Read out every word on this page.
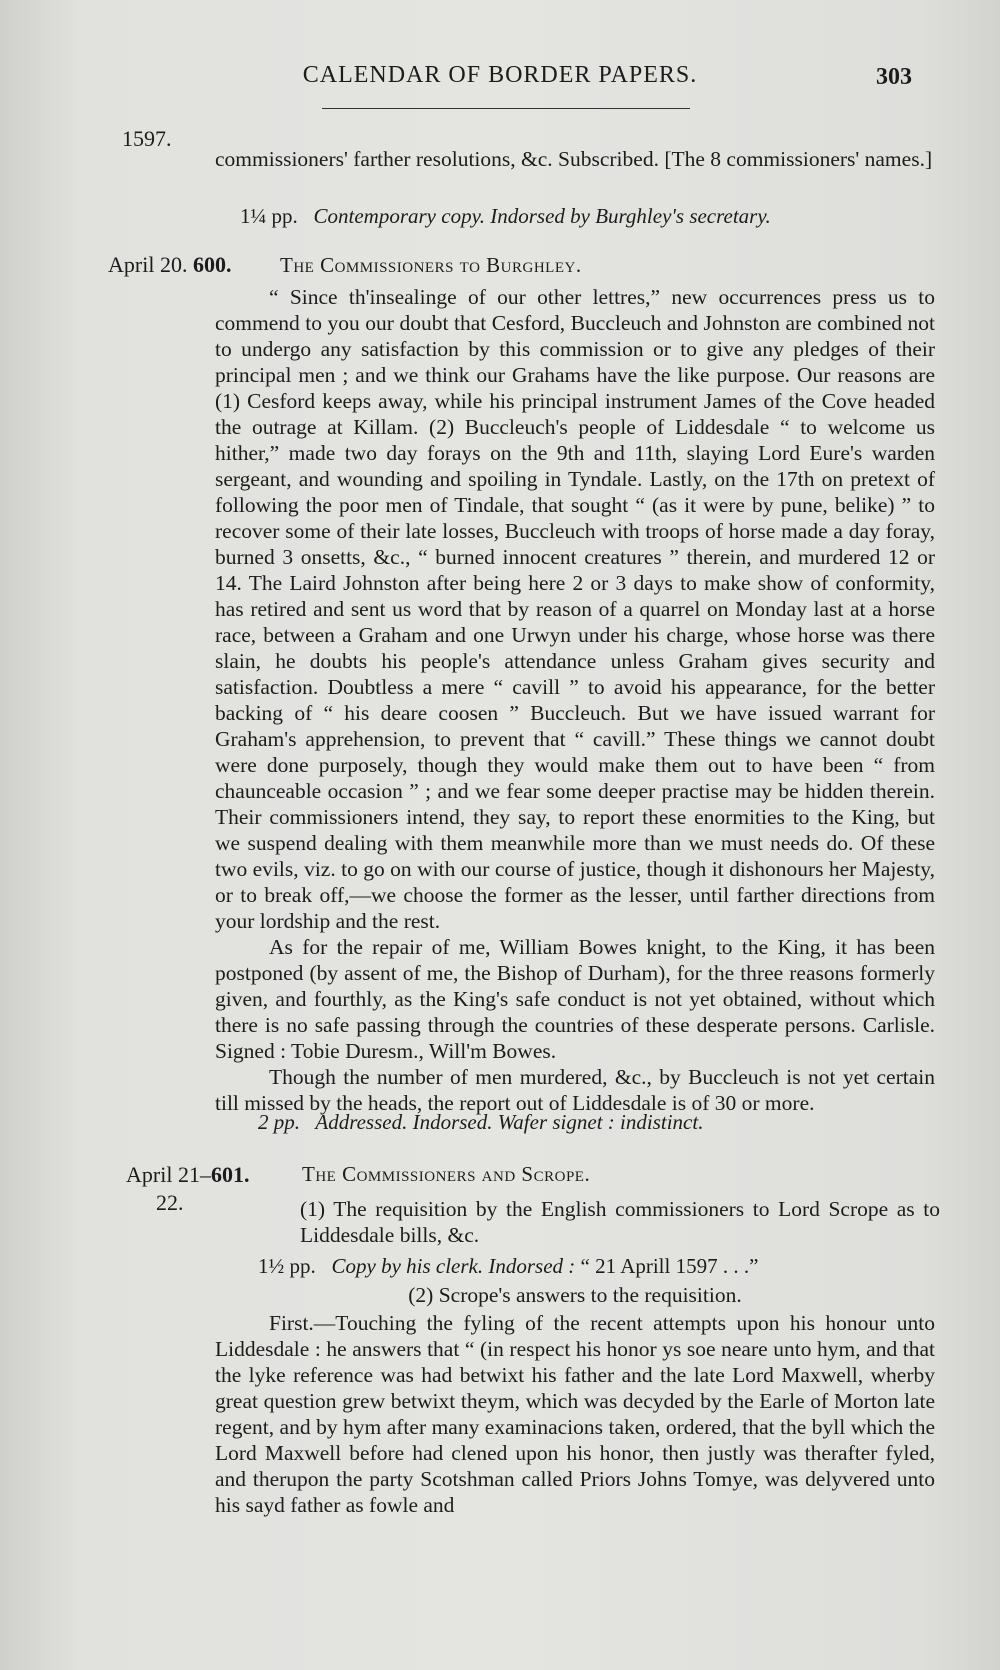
CALENDAR OF BORDER PAPERS.	303
1597.

commissioners' farther resolutions, &c. Subscribed. [The 8 commissioners' names.]

1¼ pp. Contemporary copy. Indorsed by Burghley's secretary.
April 20. 600. The Commissioners to Burghley.

“ Since th'insealinge of our other lettres,” new occurrences press us to commend to you our doubt that Cesford, Buccleuch and Johnston are combined not to undergo any satisfaction by this commission or to give any pledges of their principal men ; and we think our Grahams have the like purpose. Our reasons are (1) Cesford keeps away, while his principal instrument James of the Cove headed the outrage at Killam. (2) Buccleuch's people of Liddesdale “ to welcome us hither,” made two day forays on the 9th and 11th, slaying Lord Eure's warden sergeant, and wounding and spoiling in Tyndale. Lastly, on the 17th on pretext of following the poor men of Tindale, that sought “ (as it were by pune, belike) ” to recover some of their late losses, Buccleuch with troops of horse made a day foray, burned 3 onsetts, &c., “ burned innocent creatures ” therein, and murdered 12 or 14. The Laird Johnston after being here 2 or 3 days to make show of conformity, has retired and sent us word that by reason of a quarrel on Monday last at a horse race, between a Graham and one Urwyn under his charge, whose horse was there slain, he doubts his people's attendance unless Graham gives security and satisfaction. Doubtless a mere “ cavill ” to avoid his appearance, for the better backing of “ his deare coosen ” Buccleuch. But we have issued warrant for Graham's apprehension, to prevent that “ cavill.” These things we cannot doubt were done purposely, though they would make them out to have been “ from chaunceable occasion ” ; and we fear some deeper practise may be hidden therein. Their commissioners intend, they say, to report these enormities to the King, but we suspend dealing with them meanwhile more than we must needs do. Of these two evils, viz. to go on with our course of justice, though it dishonours her Majesty, or to break off,—we choose the former as the lesser, until farther directions from your lordship and the rest.

As for the repair of me, William Bowes knight, to the King, it has been postponed (by assent of me, the Bishop of Durham), for the three reasons formerly given, and fourthly, as the King's safe conduct is not yet obtained, without which there is no safe passing through the countries of these desperate persons. Carlisle. Signed : Tobie Duresm., Will'm Bowes.

Though the number of men murdered, &c., by Buccleuch is not yet certain till missed by the heads, the report out of Liddesdale is of 30 or more.

2 pp. Addressed. Indorsed. Wafer signet : indistinct.
April 21–601.
22.
The Commissioners and Scrope.

(1) The requisition by the English commissioners to Lord Scrope as to Liddesdale bills, &c.

1½ pp. Copy by his clerk. Indorsed : “ 21 Aprill 1597 . . .”
(2) Scrope's answers to the requisition.

First.—Touching the fyling of the recent attempts upon his honour unto Liddesdale : he answers that “ (in respect his honor ys soe neare unto hym, and that the lyke reference was had betwixt his father and the late Lord Maxwell, wherby great question grew betwixt theym, which was decyded by the Earle of Morton late regent, and by hym after many examinacions taken, ordered, that the byll which the Lord Maxwell before had clened upon his honor, then justly was therafter fyled, and therupon the party Scotshman called Priors Johns Tomye, was delyvered unto his sayd father as fowle and
